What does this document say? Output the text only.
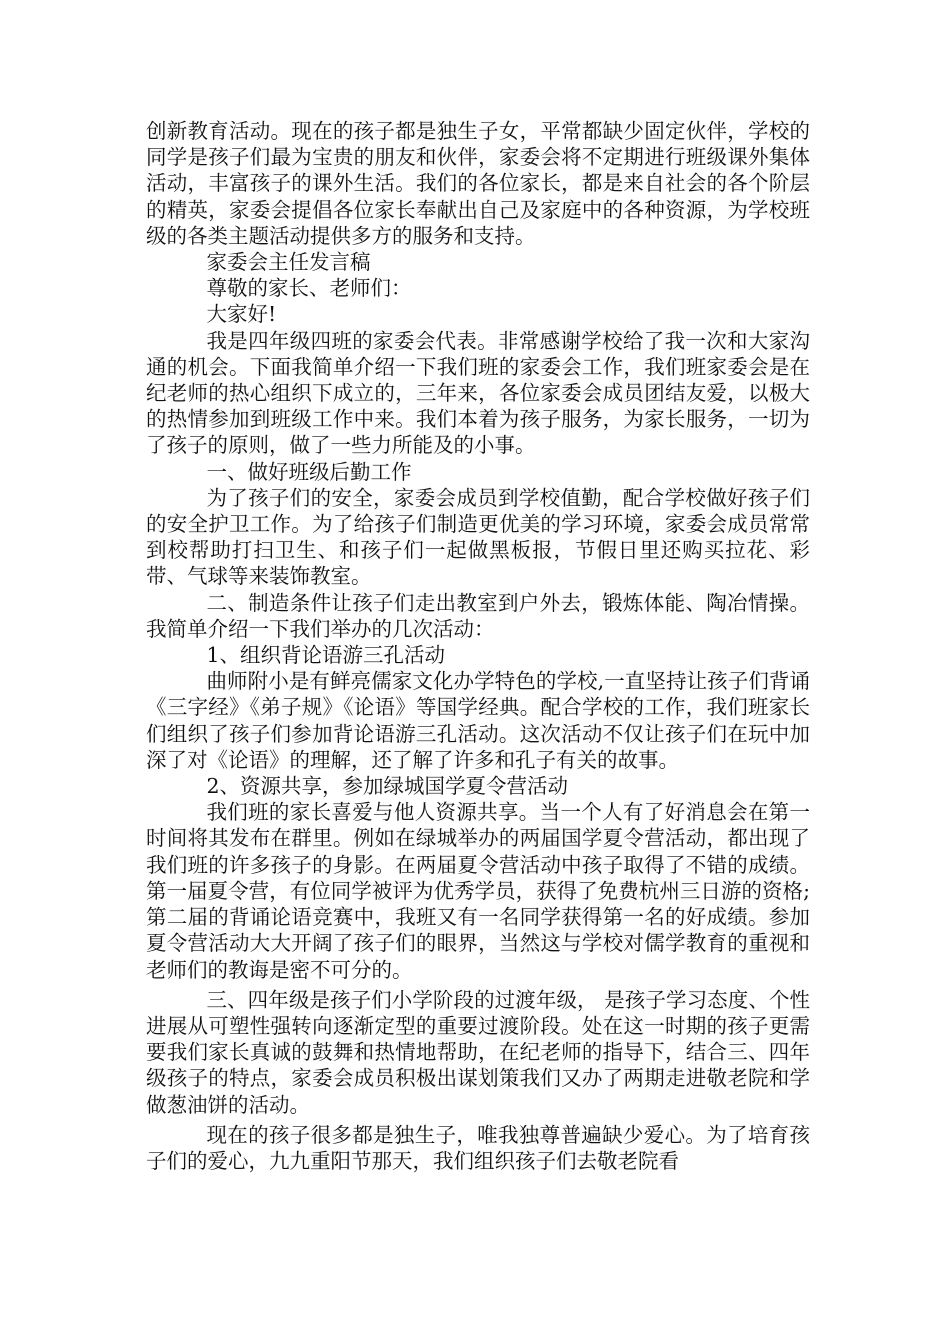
创新教育活动。现在的孩子都是独生子女，平常都缺少固定伙伴，学校的同学是孩子们最为宝贵的朋友和伙伴，家委会将不定期进行班级课外集体活动，丰富孩子的课外生活。我们的各位家长，都是来自社会的各个阶层的精英，家委会提倡各位家长奉献出自己及家庭中的各种资源，为学校班级的各类主题活动提供多方的服务和支持。

家委会主任发言稿

尊敬的家长、老师们：

大家好!

我是四年级四班的家委会代表。非常感谢学校给了我一次和大家沟通的机会。下面我简单介绍一下我们班的家委会工作，我们班家委会是在纪老师的热心组织下成立的，三年来，各位家委会成员团结友爱，以极大的热情参加到班级工作中来。我们本着为孩子服务，为家长服务，一切为了孩子的原则，做了一些力所能及的小事。

一、做好班级后勤工作

为了孩子们的安全，家委会成员到学校值勤，配合学校做好孩子们的安全护卫工作。为了给孩子们制造更优美的学习环境，家委会成员常常到校帮助打扫卫生、和孩子们一起做黑板报，节假日里还购买拉花、彩带、气球等来装饰教室。

二、制造条件让孩子们走出教室到户外去，锻炼体能、陶冶情操。我简单介绍一下我们举办的几次活动：

1、组织背论语游三孔活动

曲师附小是有鲜亮儒家文化办学特色的学校,一直坚持让孩子们背诵《三字经》《弟子规》《论语》等国学经典。配合学校的工作，我们班家长们组织了孩子们参加背论语游三孔活动。这次活动不仅让孩子们在玩中加深了对《论语》的理解，还了解了许多和孔子有关的故事。

2、资源共享，参加绿城国学夏令营活动

我们班的家长喜爱与他人资源共享。当一个人有了好消息会在第一时间将其发布在群里。例如在绿城举办的两届国学夏令营活动，都出现了我们班的许多孩子的身影。在两届夏令营活动中孩子取得了不错的成绩。第一届夏令营，有位同学被评为优秀学员，获得了免费杭州三日游的资格;第二届的背诵论语竞赛中，我班又有一名同学获得第一名的好成绩。参加夏令营活动大大开阔了孩子们的眼界，当然这与学校对儒学教育的重视和老师们的教诲是密不可分的。

三、四年级是孩子们小学阶段的过渡年级， 是孩子学习态度、个性进展从可塑性强转向逐渐定型的重要过渡阶段。处在这一时期的孩子更需要我们家长真诚的鼓舞和热情地帮助，在纪老师的指导下，结合三、四年级孩子的特点，家委会成员积极出谋划策我们又办了两期走进敬老院和学做葱油饼的活动。

现在的孩子很多都是独生子，唯我独尊普遍缺少爱心。为了培育孩子们的爱心，九九重阳节那天，我们组织孩子们去敬老院看
